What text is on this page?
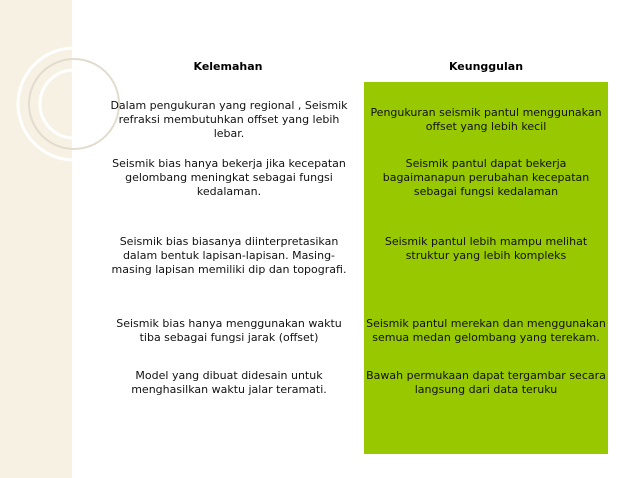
Kelemahan	Keunggulan
Dalam pengukuran yang regional , Seismik refraksi membutuhkan offset yang lebih lebar.
Pengukuran seismik pantul menggunakan offset yang lebih kecil
Seismik bias hanya bekerja jika kecepatan gelombang meningkat sebagai fungsi kedalaman.
Seismik pantul dapat bekerja bagaimanapun perubahan kecepatan sebagai fungsi kedalaman
Seismik bias biasanya diinterpretasikan dalam bentuk lapisan-lapisan. Masing-masing lapisan memiliki dip dan topografi.
Seismik pantul lebih mampu melihat struktur yang lebih kompleks
Seismik bias hanya menggunakan waktu tiba sebagai fungsi jarak (offset)
Seismik pantul merekan dan menggunakan semua medan gelombang yang terekam.
Model yang dibuat didesain untuk menghasilkan waktu jalar teramati.
Bawah permukaan dapat tergambar secara langsung dari data teruku
